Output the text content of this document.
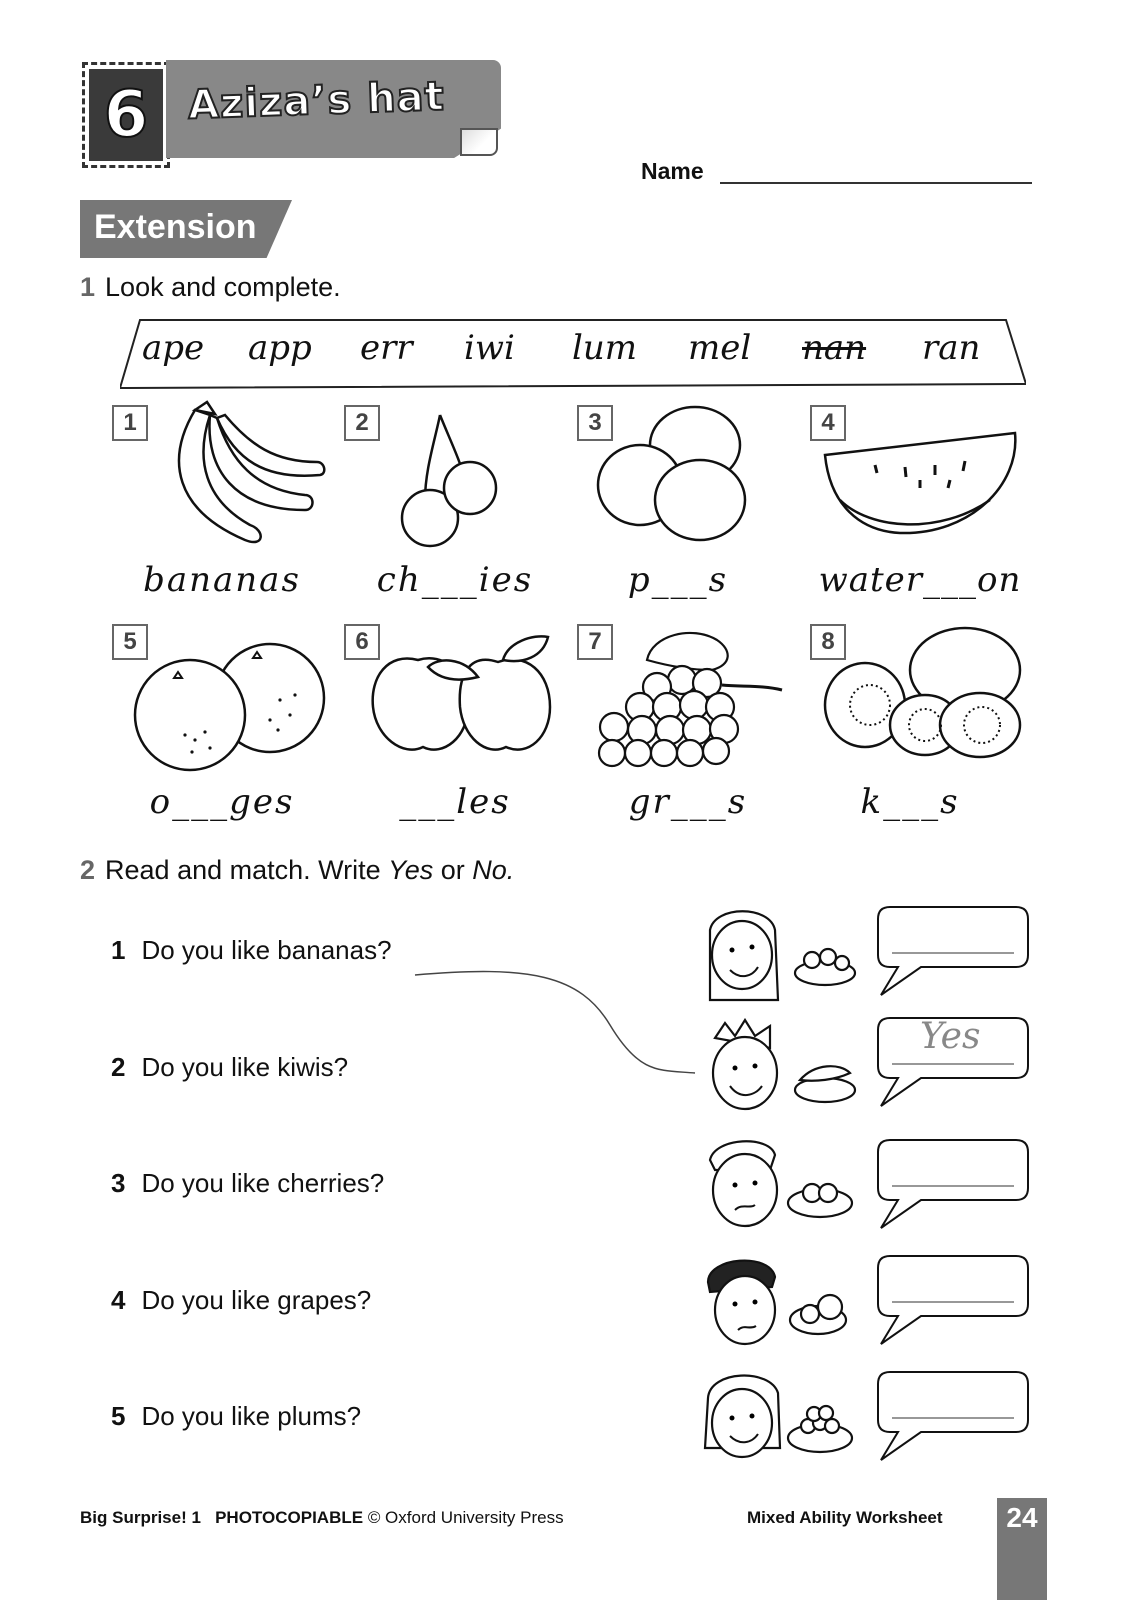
6 Aziza’s hat
Name
Extension
1 Look and complete.
ape app err iwi lum mel nan ran
1	2	3	4
bananas	ch___ies	p___s	water___on
5	6	7	8
o___ges	___les	gr___s	k___s
2 Read and match. Write Yes or No.
1 Do you like bananas?
2 Do you like kiwis?
3 Do you like cherries?
4 Do you like grapes?
5 Do you like plums?
Yes
Big Surprise! 1 PHOTOCOPIABLE © Oxford University Press	Mixed Ability Worksheet	24
